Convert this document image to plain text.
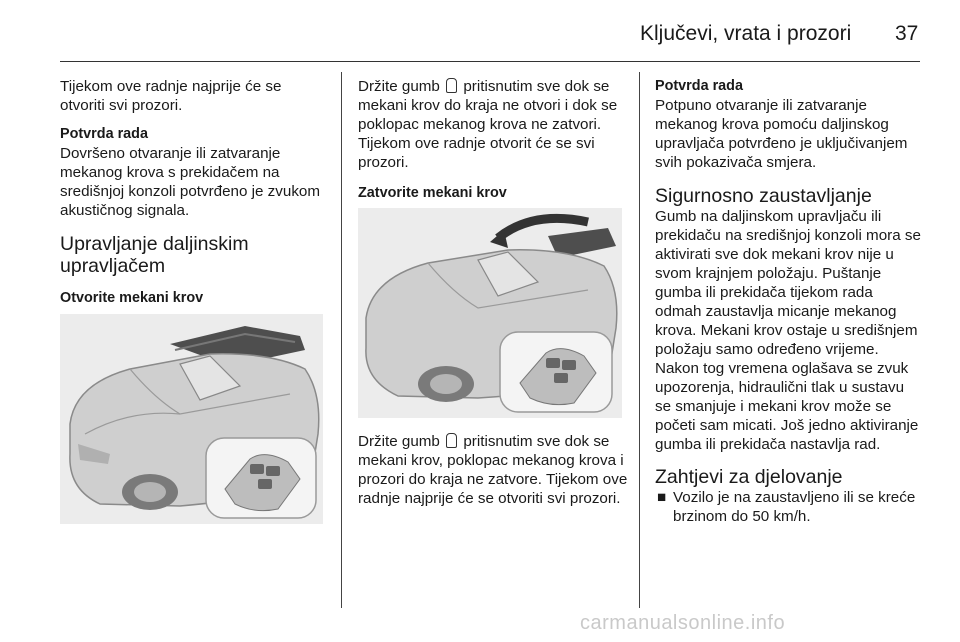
Ključevi, vrata i prozori 37

Tijekom ove radnje najprije će se otvoriti svi prozori.

Potvrda rada

Dovršeno otvaranje ili zatvaranje mekanog krova s prekidačem na središnjoj konzoli potvrđeno je zvukom akustičnog signala.

Upravljanje daljinskim upravljačem

Otvorite mekani krov

Držite gumb pritisnutim sve dok se mekani krov do kraja ne otvori i dok se poklopac mekanog krova ne zatvori. Tijekom ove radnje otvorit će se svi prozori.

Zatvorite mekani krov

Držite gumb pritisnutim sve dok se mekani krov, poklopac mekanog krova i prozori do kraja ne zatvore. Tijekom ove radnje najprije će se otvoriti svi prozori.

Potvrda rada

Potpuno otvaranje ili zatvaranje mekanog krova pomoću daljinskog upravljača potvrđeno je uključivanjem svih pokazivača smjera.

Sigurnosno zaustavljanje

Gumb na daljinskom upravljaču ili prekidaču na središnjoj konzoli mora se aktivirati sve dok mekani krov nije u svom krajnjem položaju. Puštanje gumba ili prekidača tijekom rada odmah zaustavlja micanje mekanog krova. Mekani krov ostaje u središnjem položaju samo određeno vrijeme. Nakon tog vremena oglašava se zvuk upozorenja, hidraulični tlak u sustavu se smanjuje i mekani krov može se početi sam micati. Još jedno aktiviranje gumba ili prekidača nastavlja rad.

Zahtjevi za djelovanje
■ Vozilo je na zaustavljeno ili se kreće brzinom do 50 km/h.
carmanualsonline.info
